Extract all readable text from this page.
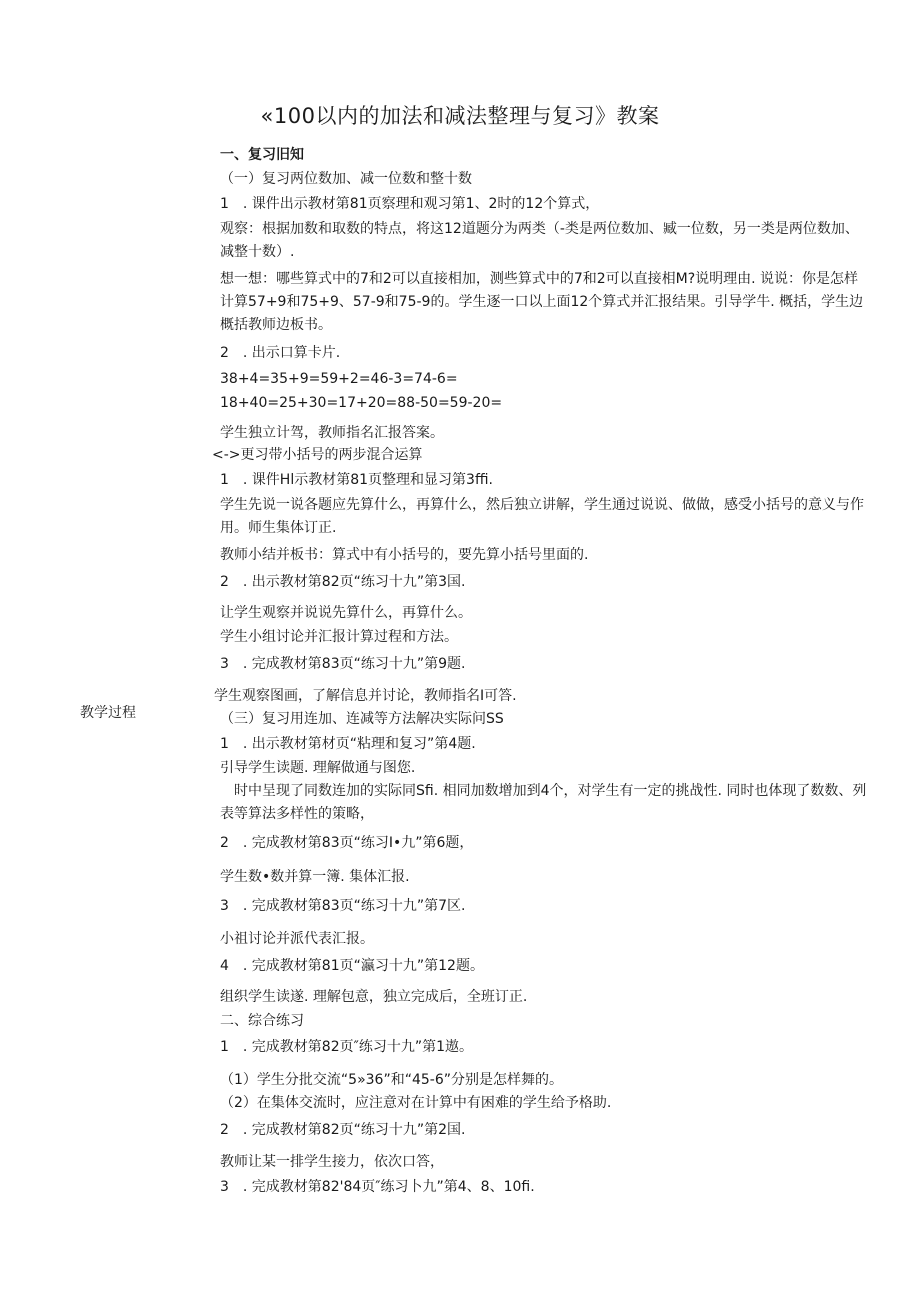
«100以内的加法和减法整理与复习》教案
教学过程
一、复习旧知
（一）复习两位数加、减一位数和整十数
1　. 课件出示教材第81页察理和观习第1、2时的12个算式，
观察：根据加数和取数的特点，将这12道题分为两类（-类是两位数加、臧一位数，另一类是两位数加、减整十数）.
想一想：哪些算式中的7和2可以直接相加，测些算式中的7和2可以直接相M?说明理由. 说说：你是怎样计算57+9和75+9、57-9和75-9的。学生逐一口以上面12个算式并汇报结果。引导学牛. 概括，学生边概括教师边板书。
2　. 出示口算卡片.
38+4=35+9=59+2=46-3=74-6=
18+40=25+30=17+20=88-50=59-20=
学生独立计驾，教师指名汇报答案。
<->更习带小括号的两步混合运算
1　. 课件Hl示教材第81页整理和显习第3ffi.
学生先说一说各题应先算什么，再算什么，然后独立讲解，学生通过说说、做做，感受小括号的意义与作用。师生集体订正.
教师小结并板书：算式中有小括号的，要先算小括号里面的.
2　. 出示教材第82页“练习十九”第3国.
让学生观察并说说先算什么，再算什么。
学生小组讨论并汇报计算过程和方法。
3　. 完成教材第83页“练习十九”第9题.
学生观察图画，了解信息并讨论，教师指名I可答.
（三）复习用连加、连减等方法解决实际问SS
1　. 出示教材第材页“粘理和复习”第4题.
引导学生读题. 理解做通与图您.
时中呈现了同数连加的实际同Sfi. 相同加数增加到4个，对学生有一定的挑战性. 同时也体现了数数、列表等算法多样性的策略，
2　. 完成教材第83页“练习I•九”第6题，
学生数•数并算一簿. 集体汇报.
3　. 完成教材第83页“练习十九”第7区.
小祖讨论并派代表汇报。
4　. 完成教材第81页“瀛习十九”第12题。
组织学生读遂. 理解包意，独立完成后，全班订正.
二、综合练习
1　. 完成教材第82页″练习十九”第1遨。
（1）学生分批交流“5»36”和“45-6”分别是怎样舞的。
（2）在集体交流时，应注意对在计算中有困难的学生给予格助.
2　. 完成教材第82页“练习十九”第2国.
教师让某一排学生接力，依次口答，
3　. 完成教材第82'84页″练习卜九”第4、8、10fi.
